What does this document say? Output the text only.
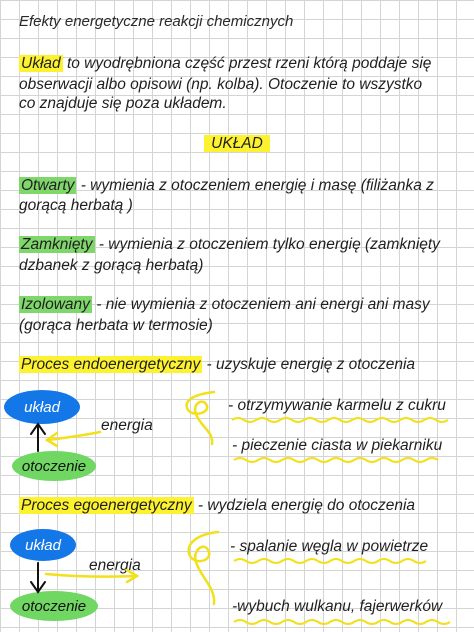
Efekty energetyczne reakcji chemicznych
Układ to wyodrębniona część przest rzeni którą poddaje się
obserwacji albo opisowi (np. kolba). Otoczenie to wszystko
co znajduje się poza układem.
UKŁAD
Otwarty - wymienia z otoczeniem energię i masę (filiżanka z
gorącą herbatą )
Zamknięty - wymienia z otoczeniem tylko energię (zamknięty
dzbanek z gorącą herbatą)
Izolowany - nie wymienia z otoczeniem ani energi ani masy
(gorąca herbata w termosie)
Proces endoenergetyczny - uzyskuje energię z otoczenia
układ
otoczenie
energia
- otrzymywanie karmelu z cukru
- pieczenie ciasta w piekarniku
Proces egoenergetyczny - wydziela energię do otoczenia
układ
otoczenie
energia
- spalanie węgla w powietrze
-wybuch wulkanu, fajerwerków
